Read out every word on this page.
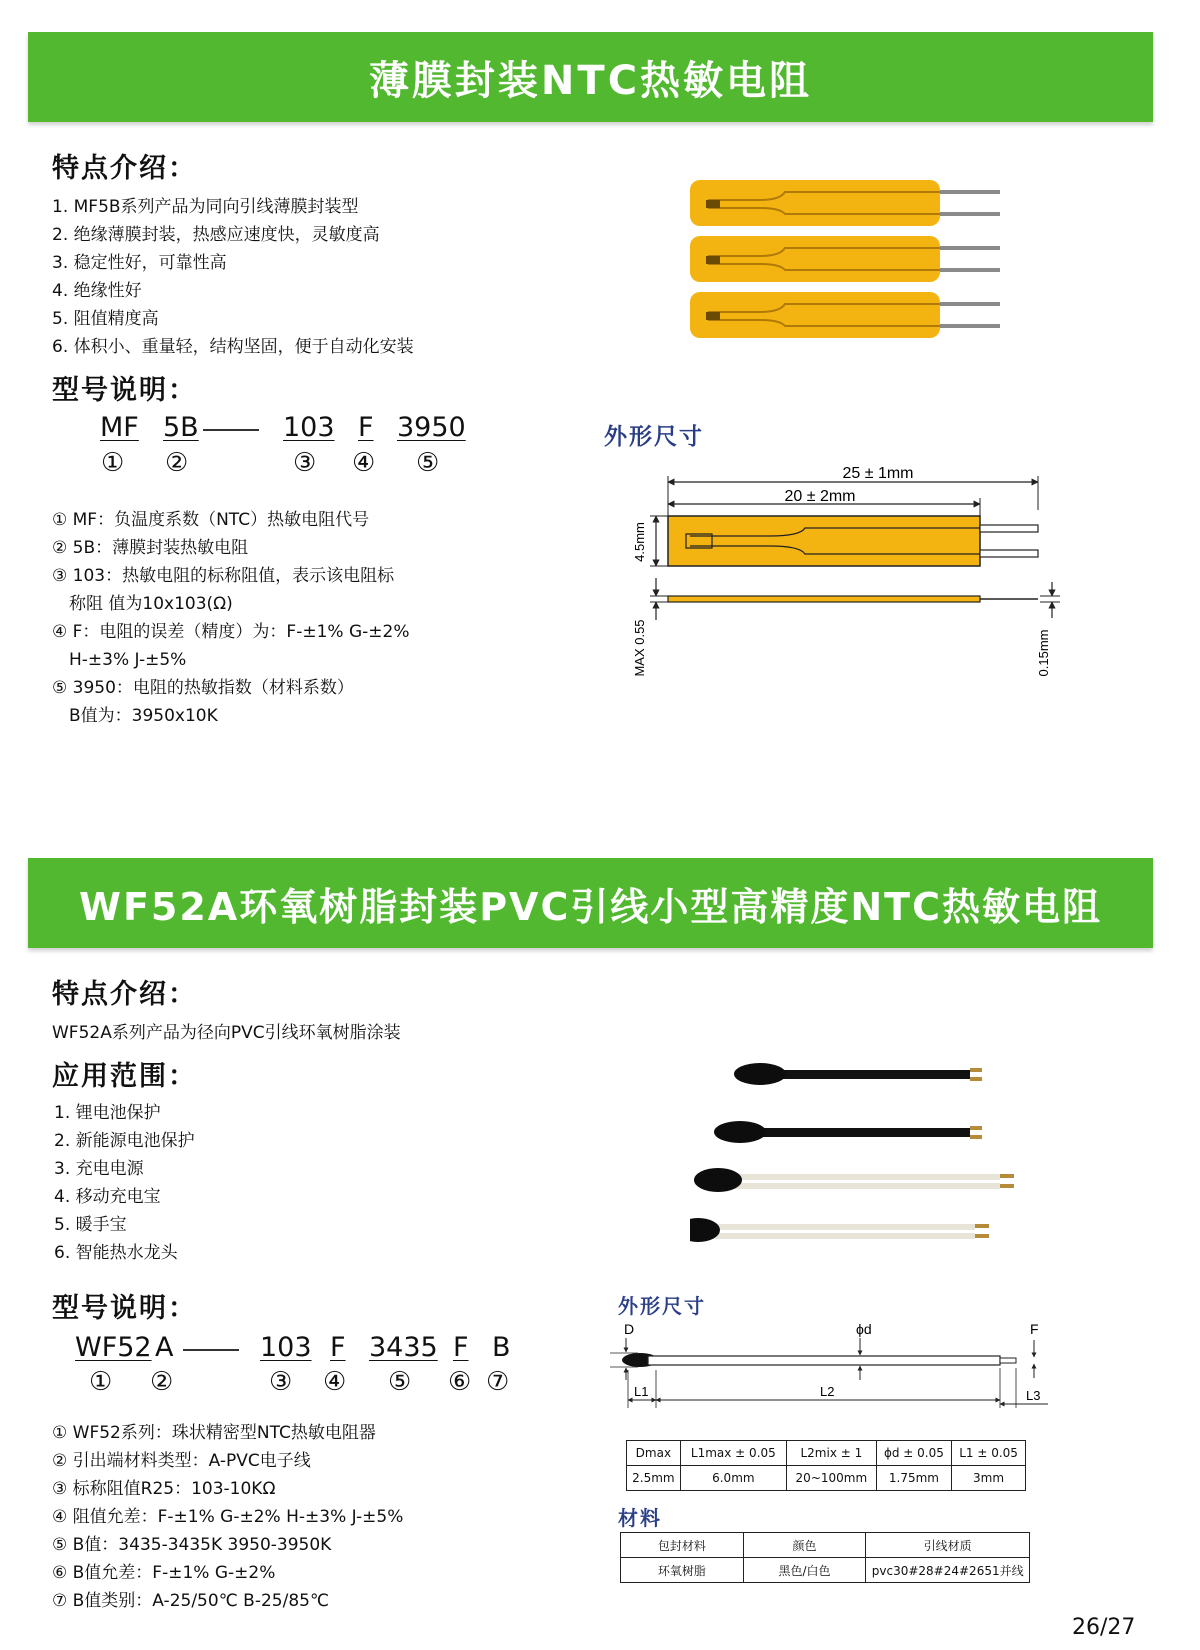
薄膜封装NTC热敏电阻
特点介绍：
1. MF5B系列产品为同向引线薄膜封装型
2. 绝缘薄膜封装，热感应速度快，灵敏度高
3. 稳定性好，可靠性高
4. 绝缘性好
5. 阻值精度高
6. 体积小、重量轻，结构坚固，便于自动化安装
型号说明：
MF 5B	103 F 3950
① ②	③ ④ ⑤
① MF：负温度系数（NTC）热敏电阻代号
② 5B：薄膜封装热敏电阻
③ 103：热敏电阻的标称阻值，表示该电阻标
　称阻 值为10x103(Ω)
④ F：电阻的误差（精度）为：F-±1% G-±2%
　H-±3% J-±5%
⑤ 3950：电阻的热敏指数（材料系数）
　B值为：3950x10K
外形尺寸
25 ± 1mm
20 ± 2mm
4.5mm
MAX 0.55	0.15mm
WF52A环氧树脂封装PVC引线小型高精度NTC热敏电阻
特点介绍：
WF52A系列产品为径向PVC引线环氧树脂涂装
应用范围：
1. 锂电池保护
2. 新能源电池保护
3. 充电电源
4. 移动充电宝
5. 暖手宝
6. 智能热水龙头
型号说明：
WF52 A	103 F 3435 F B
① ②	③ ④ ⑤ ⑥ ⑦
① WF52系列：珠状精密型NTC热敏电阻器
② 引出端材料类型：A-PVC电子线
③ 标称阻值R25：103-10KΩ
④ 阻值允差：F-±1% G-±2% H-±3% J-±5%
⑤ B值：3435-3435K 3950-3950K
⑥ B值允差：F-±1% G-±2%
⑦ B值类别：A-25/50℃ B-25/85℃
外形尺寸
D	ϕd	F
L1	L2	L3
Dmax	L1max ± 0.05	L2mix ± 1	ϕd ± 0.05	L1 ± 0.05
2.5mm	6.0mm	20~100mm	1.75mm	3mm
材料
包封材料	颜色	引线材质
环氧树脂	黑色/白色	pvc30#28#24#2651并线
26/27
